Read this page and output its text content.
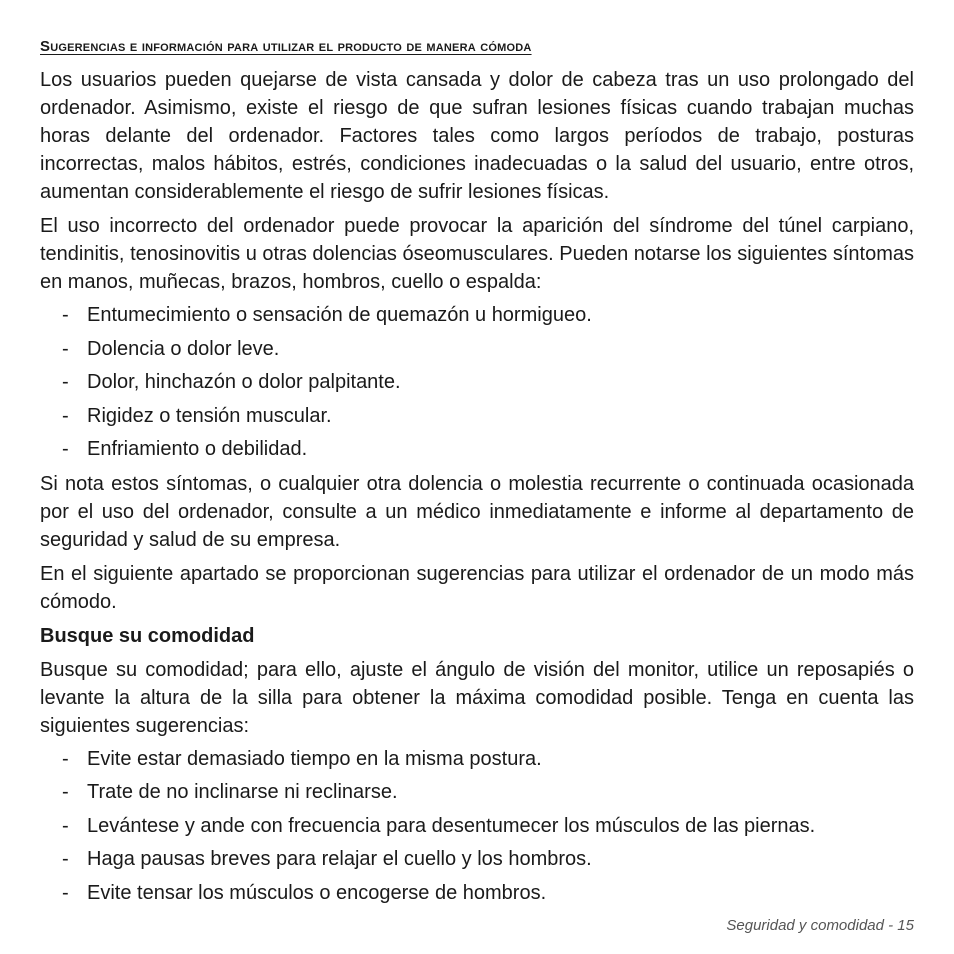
Sugerencias e información para utilizar el producto de manera cómoda

Los usuarios pueden quejarse de vista cansada y dolor de cabeza tras un uso prolongado del ordenador. Asimismo, existe el riesgo de que sufran lesiones físicas cuando trabajan muchas horas delante del ordenador. Factores tales como largos períodos de trabajo, posturas incorrectas, malos hábitos, estrés, condiciones inadecuadas o la salud del usuario, entre otros, aumentan considerablemente el riesgo de sufrir lesiones físicas.

El uso incorrecto del ordenador puede provocar la aparición del síndrome del túnel carpiano, tendinitis, tenosinovitis u otras dolencias óseomusculares. Pueden notarse los siguientes síntomas en manos, muñecas, brazos, hombros, cuello o espalda:

- Entumecimiento o sensación de quemazón u hormigueo.
- Dolencia o dolor leve.
- Dolor, hinchazón o dolor palpitante.
- Rigidez o tensión muscular.
- Enfriamiento o debilidad.

Si nota estos síntomas, o cualquier otra dolencia o molestia recurrente o continuada ocasionada por el uso del ordenador, consulte a un médico inmediatamente e informe al departamento de seguridad y salud de su empresa.

En el siguiente apartado se proporcionan sugerencias para utilizar el ordenador de un modo más cómodo.

Busque su comodidad

Busque su comodidad; para ello, ajuste el ángulo de visión del monitor, utilice un reposapiés o levante la altura de la silla para obtener la máxima comodidad posible. Tenga en cuenta las siguientes sugerencias:

- Evite estar demasiado tiempo en la misma postura.
- Trate de no inclinarse ni reclinarse.
- Levántese y ande con frecuencia para desentumecer los músculos de las piernas.
- Haga pausas breves para relajar el cuello y los hombros.
- Evite tensar los músculos o encogerse de hombros.
Seguridad y comodidad - 15
